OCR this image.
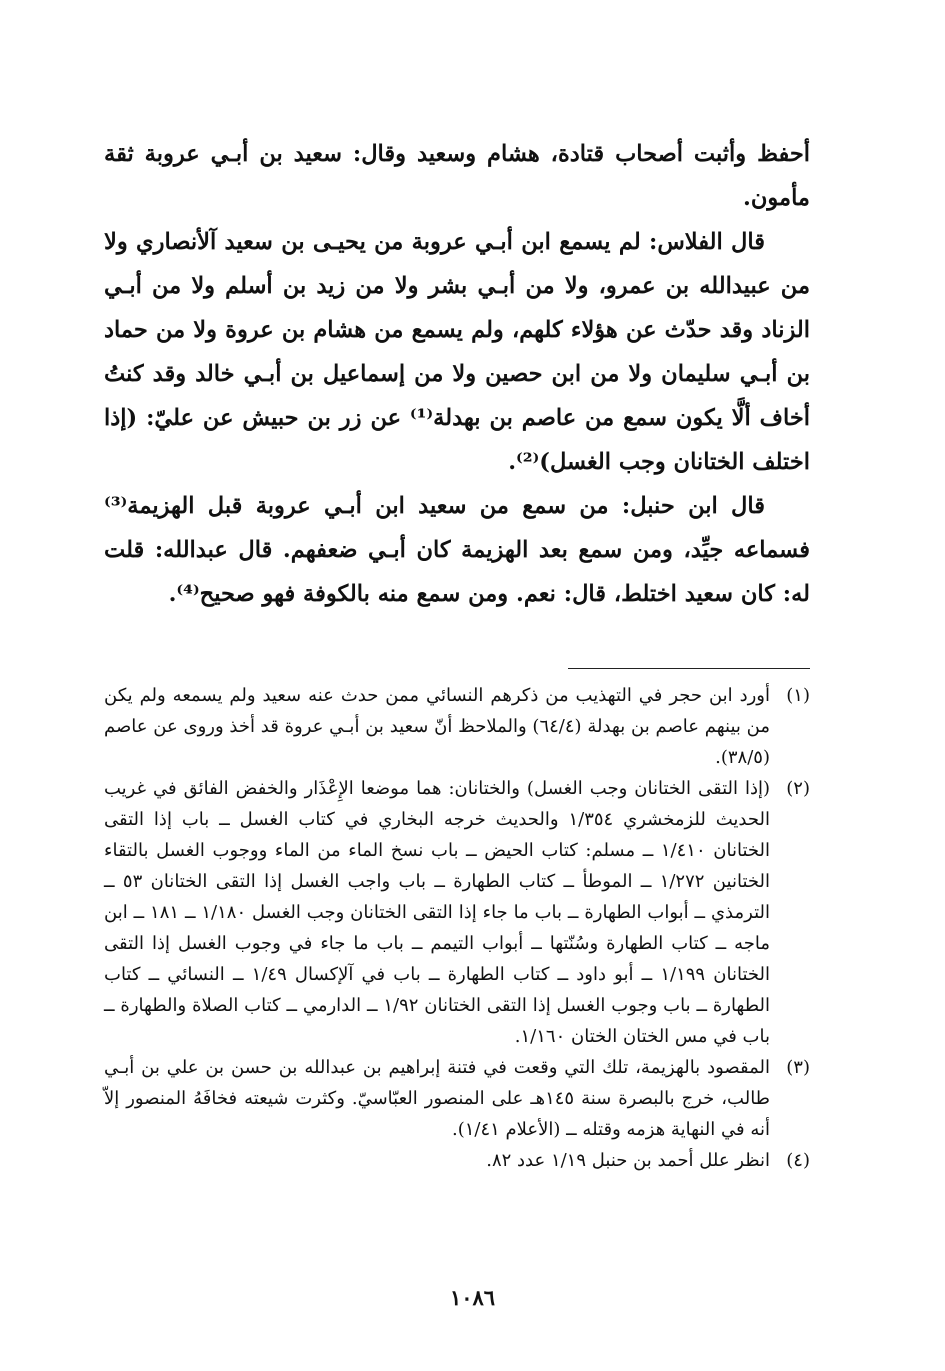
أحفظ وأثبت أصحاب قتادة، هشام وسعيد وقال: سعيد بن أبـي عروبة ثقة مأمون.

قال الفلاس: لم يسمع ابن أبـي عروبة من يحيـى بن سعيد آلأنصاري ولا من عبيدالله بن عمرو، ولا من أبـي بشر ولا من زيد بن أسلم ولا من أبـي الزناد وقد حدّث عن هؤلاء كلهم، ولم يسمع من هشام بن عروة ولا من حماد بن أبـي سليمان ولا من ابن حصين ولا من إسماعيل بن أبـي خالد وقد كنتُ أخاف ألَّا يكون سمع من عاصم بن بهدلة⁽¹⁾ عن زر بن حبيش عن عليّ: (إذا اختلف الختانان وجب الغسل)⁽²⁾.

قال ابن حنبل: من سمع من سعيد ابن أبـي عروبة قبل الهزيمة⁽³⁾ فسماعه جيِّد، ومن سمع بعد الهزيمة كان أبـي ضعفهم. قال عبدالله: قلت له: كان سعيد اختلط، قال: نعم. ومن سمع منه بالكوفة فهو صحيح⁽⁴⁾.

(١)
أورد ابن حجر في التهذيب من ذكرهم النسائي ممن حدث عنه سعيد ولم يسمعه ولم يكن من بينهم عاصم بن بهدلة (٦٤/٤) والملاحظ أنّ سعيد بن أبـي عروة قد أخذ وروى عن عاصم (٣٨/٥).
(٢)
(إذا التقى الختانان وجب الغسل) والختانان: هما موضعا الإِعْذَار والخفض الفائق في غريب الحديث للزمخشري ١/٣٥٤ والحديث خرجه البخاري في كتاب الغسل ــ باب إذا التقى الختانان ١/٤١٠ ــ مسلم: كتاب الحيض ــ باب نسخ الماء من الماء ووجوب الغسل بالتقاء الختانين ١/٢٧٢ ــ الموطأ ــ كتاب الطهارة ــ باب واجب الغسل إذا التقى الختانان ٥٣ ــ الترمذي ــ أبواب الطهارة ــ باب ما جاء إذا التقى الختانان وجب الغسل ١/١٨٠ ــ ١٨١ ــ ابن ماجه ــ كتاب الطهارة وسُنّتها ــ أبواب التيمم ــ باب ما جاء في وجوب الغسل إذا التقى الختانان ١/١٩٩ ــ أبو داود ــ كتاب الطهارة ــ باب في آلإكسال ١/٤٩ ــ النسائي ــ كتاب الطهارة ــ باب وجوب الغسل إذا التقى الختانان ١/٩٢ ــ الدارمي ــ كتاب الصلاة والطهارة ــ باب في مس الختان الختان ١/١٦٠.
(٣)
المقصود بالهزيمة، تلك التي وقعت في فتنة إبراهيم بن عبدالله بن حسن بن علي بن أبـي طالب، خرج بالبصرة سنة ١٤٥هـ على المنصور العبّاسيّ. وكثرت شيعته فخافَهُ المنصور إلاّ أنه في النهاية هزمه وقتله ــ (الأعلام ١/٤١).
(٤)
انظر علل أحمد بن حنبل ١/١٩ عدد ٨٢.
١٠٨٦
